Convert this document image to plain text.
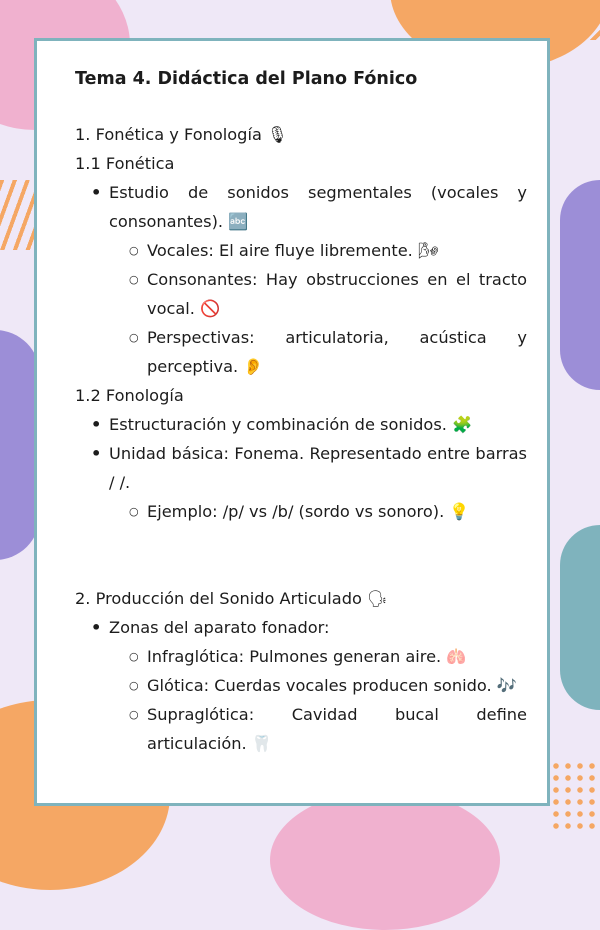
Tema 4. Didáctica del Plano Fónico
1. Fonética y Fonología 🎙
1.1 Fonética
• Estudio de sonidos segmentales (vocales y consonantes). 🔤
○ Vocales: El aire fluye libremente. 🌬
○ Consonantes: Hay obstrucciones en el tracto vocal. 🚫
○ Perspectivas: articulatoria, acústica y perceptiva. 👂
1.2 Fonología
• Estructuración y combinación de sonidos. 🧩
• Unidad básica: Fonema. Representado entre barras / /.
○ Ejemplo: /p/ vs /b/ (sordo vs sonoro). 💡
2. Producción del Sonido Articulado 🗣
• Zonas del aparato fonador:
○ Infraglótica: Pulmones generan aire. 🫁
○ Glótica: Cuerdas vocales producen sonido. 🎶
○ Supraglótica: Cavidad bucal define articulación. 🦷
